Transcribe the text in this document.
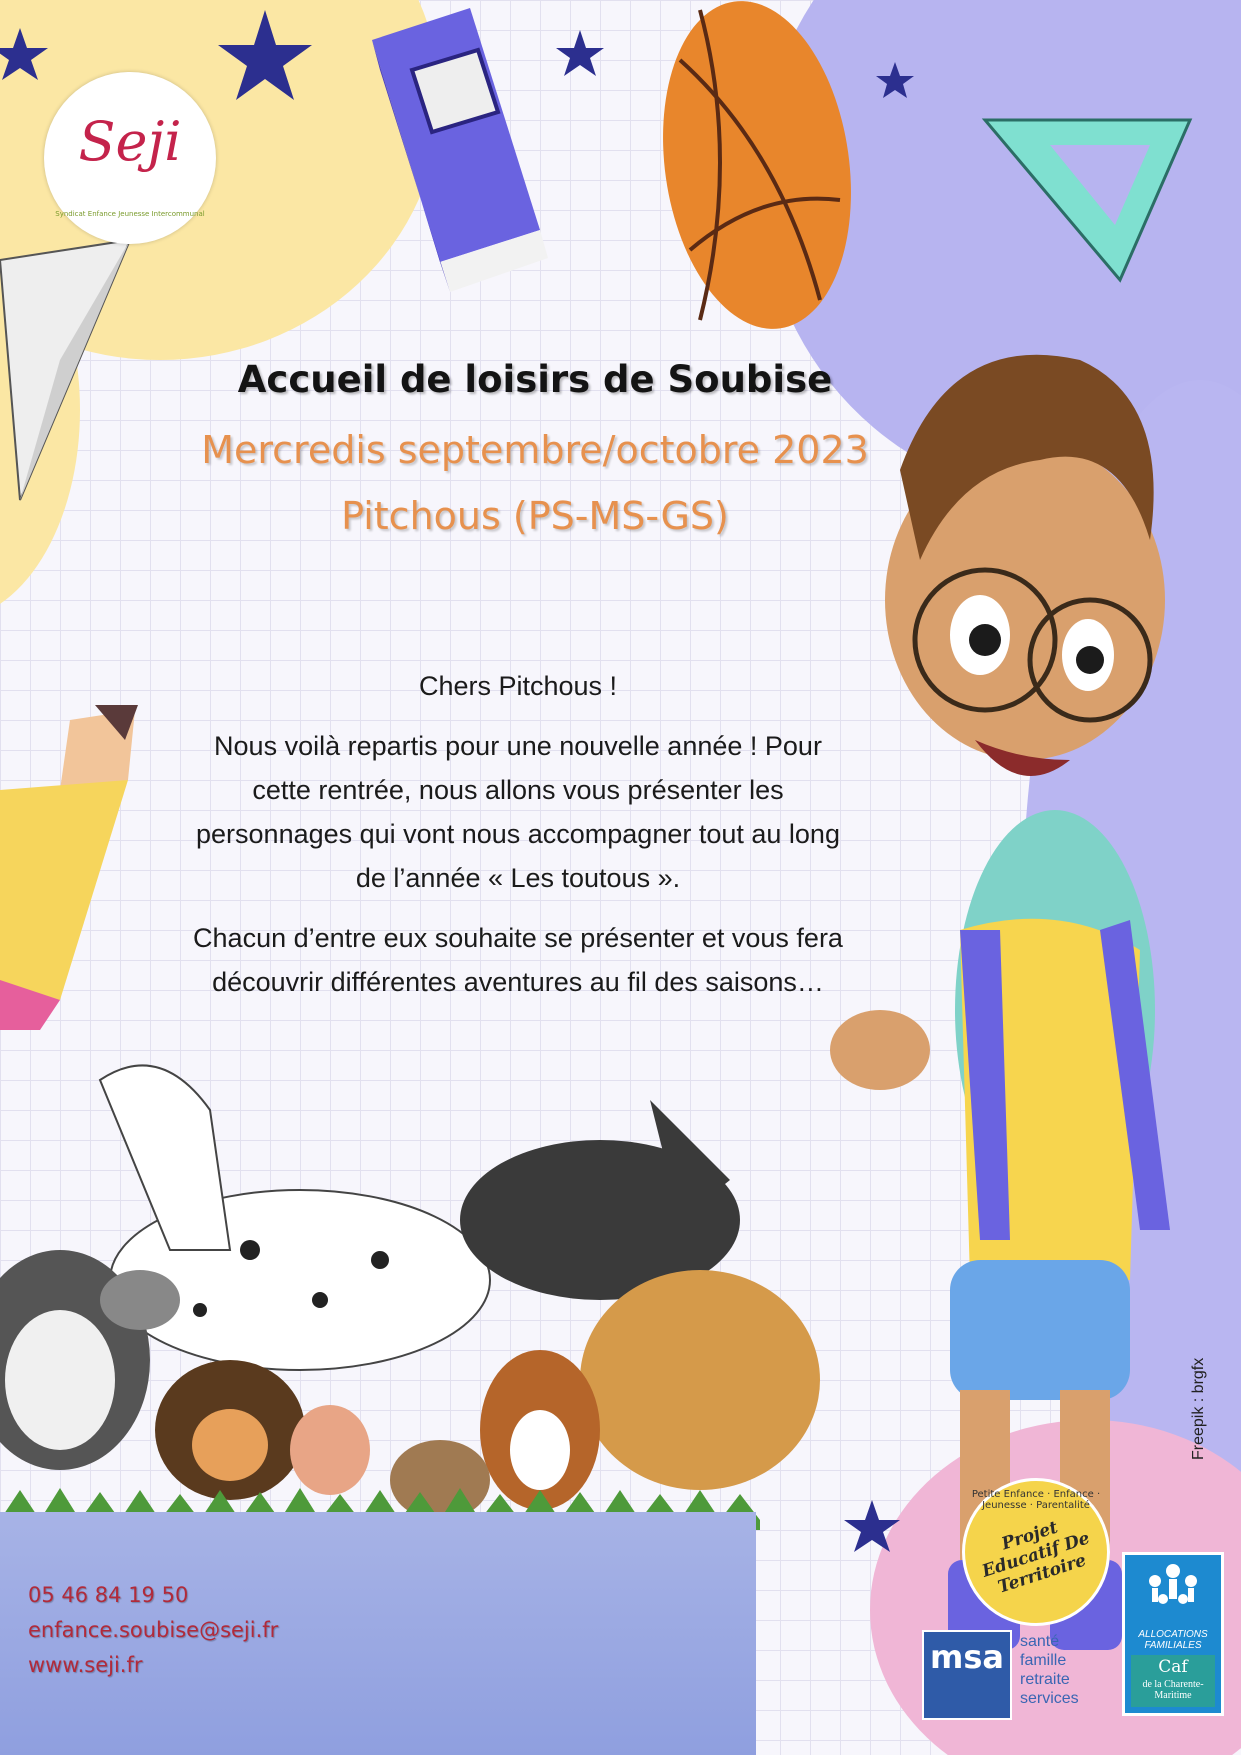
Seji
Syndicat Enfance Jeunesse Intercommunal
Accueil de loisirs de Soubise
Mercredis septembre/octobre 2023
Pitchous (PS-MS-GS)

Chers Pitchous !

Nous voilà repartis pour une nouvelle année ! Pour cette rentrée, nous allons vous présenter les personnages qui vont nous accompagner tout au long de l’année « Les toutous ».

Chacun d’entre eux souhaite se présenter et vous fera découvrir différentes aventures au fil des saisons…

05 46 84 19 50
enfance.soubise@seji.fr
www.seji.fr
Freepik : brgfx
Petite Enfance · Enfance · Jeunesse · Parentalité
Projet Educatif De Territoire
msa	santé
famille
retraite
services
ALLOCATIONS FAMILIALES
Caf
de la Charente-Maritime
